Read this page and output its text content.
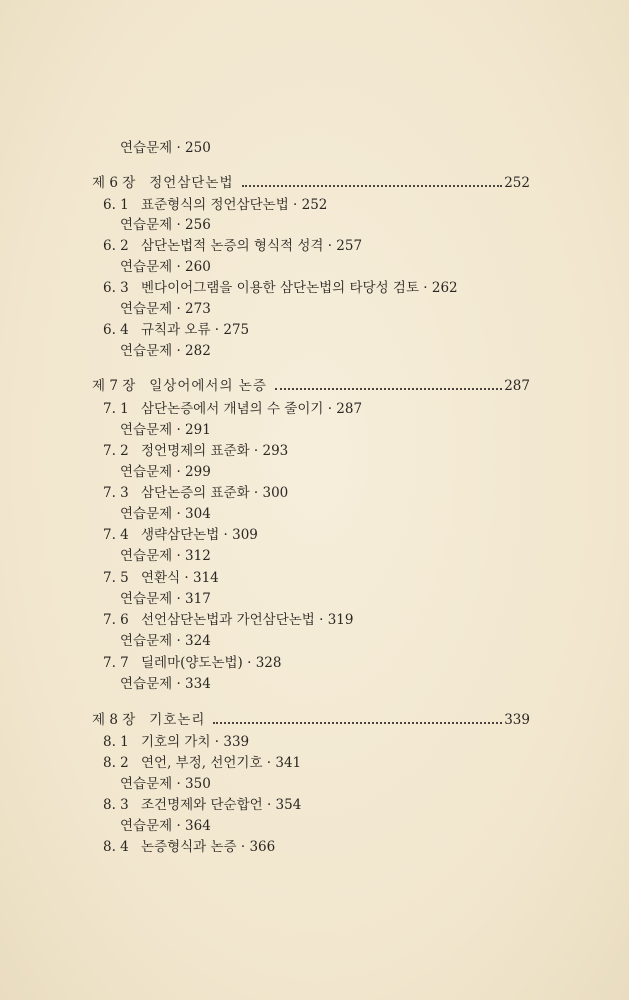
연습문제 · 250
제 6 장 정언삼단논법	252
6. 1 표준형식의 정언삼단논법 · 252
연습문제 · 256
6. 2 삼단논법적 논증의 형식적 성격 · 257
연습문제 · 260
6. 3 벤다이어그램을 이용한 삼단논법의 타당성 검토 · 262
연습문제 · 273
6. 4 규칙과 오류 · 275
연습문제 · 282
제 7 장 일상어에서의 논증	287
7. 1 삼단논증에서 개념의 수 줄이기 · 287
연습문제 · 291
7. 2 정언명제의 표준화 · 293
연습문제 · 299
7. 3 삼단논증의 표준화 · 300
연습문제 · 304
7. 4 생략삼단논법 · 309
연습문제 · 312
7. 5 연환식 · 314
연습문제 · 317
7. 6 선언삼단논법과 가언삼단논법 · 319
연습문제 · 324
7. 7 딜레마(양도논법) · 328
연습문제 · 334
제 8 장 기호논리	339
8. 1 기호의 가치 · 339
8. 2 연언, 부정, 선언기호 · 341
연습문제 · 350
8. 3 조건명제와 단순합언 · 354
연습문제 · 364
8. 4 논증형식과 논증 · 366
